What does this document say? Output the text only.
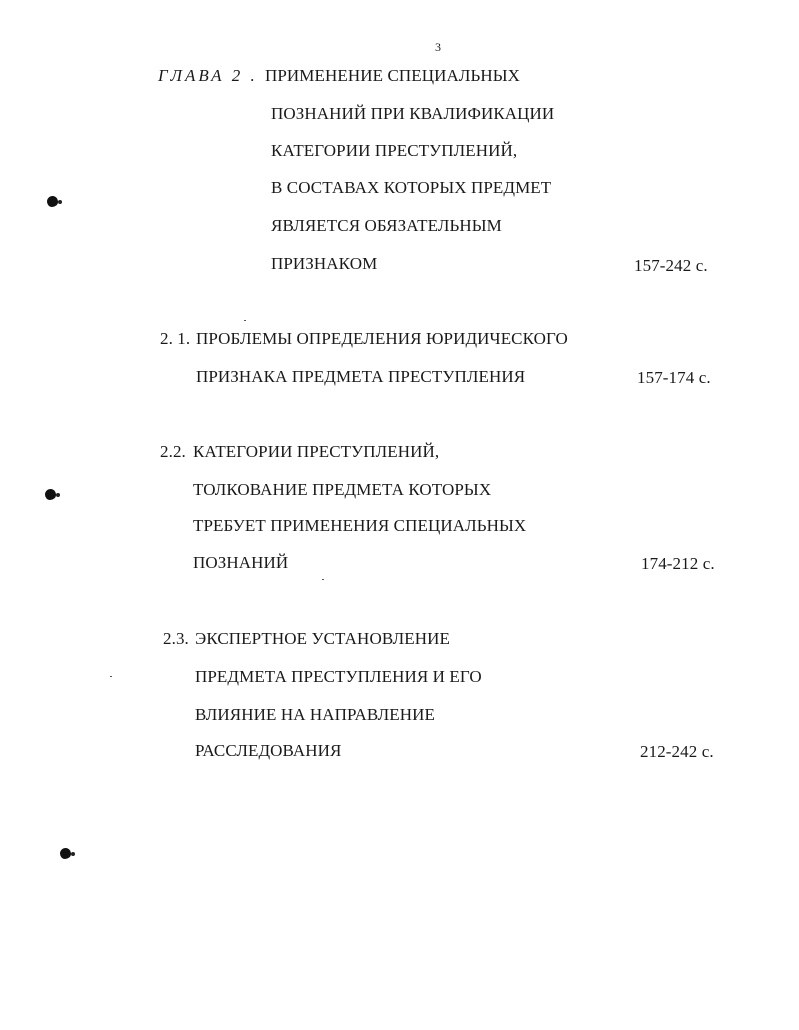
3
ГЛАВА 2 . ПРИМЕНЕНИЕ СПЕЦИАЛЬНЫХ
ПОЗНАНИЙ ПРИ КВАЛИФИКАЦИИ
КАТЕГОРИИ ПРЕСТУПЛЕНИЙ,
В СОСТАВАХ КОТОРЫХ ПРЕДМЕТ
ЯВЛЯЕТСЯ ОБЯЗАТЕЛЬНЫМ
ПРИЗНАКОМ	157-242 с.
2. 1. ПРОБЛЕМЫ ОПРЕДЕЛЕНИЯ ЮРИДИЧЕСКОГО
ПРИЗНАКА ПРЕДМЕТА ПРЕСТУПЛЕНИЯ	157-174 с.
2.2. КАТЕГОРИИ ПРЕСТУПЛЕНИЙ,
ТОЛКОВАНИЕ ПРЕДМЕТА КОТОРЫХ
ТРЕБУЕТ ПРИМЕНЕНИЯ СПЕЦИАЛЬНЫХ
ПОЗНАНИЙ	174-212 с.
2.3. ЭКСПЕРТНОЕ УСТАНОВЛЕНИЕ
ПРЕДМЕТА ПРЕСТУПЛЕНИЯ И ЕГО
ВЛИЯНИЕ НА НАПРАВЛЕНИЕ
РАССЛЕДОВАНИЯ	212-242 с.
